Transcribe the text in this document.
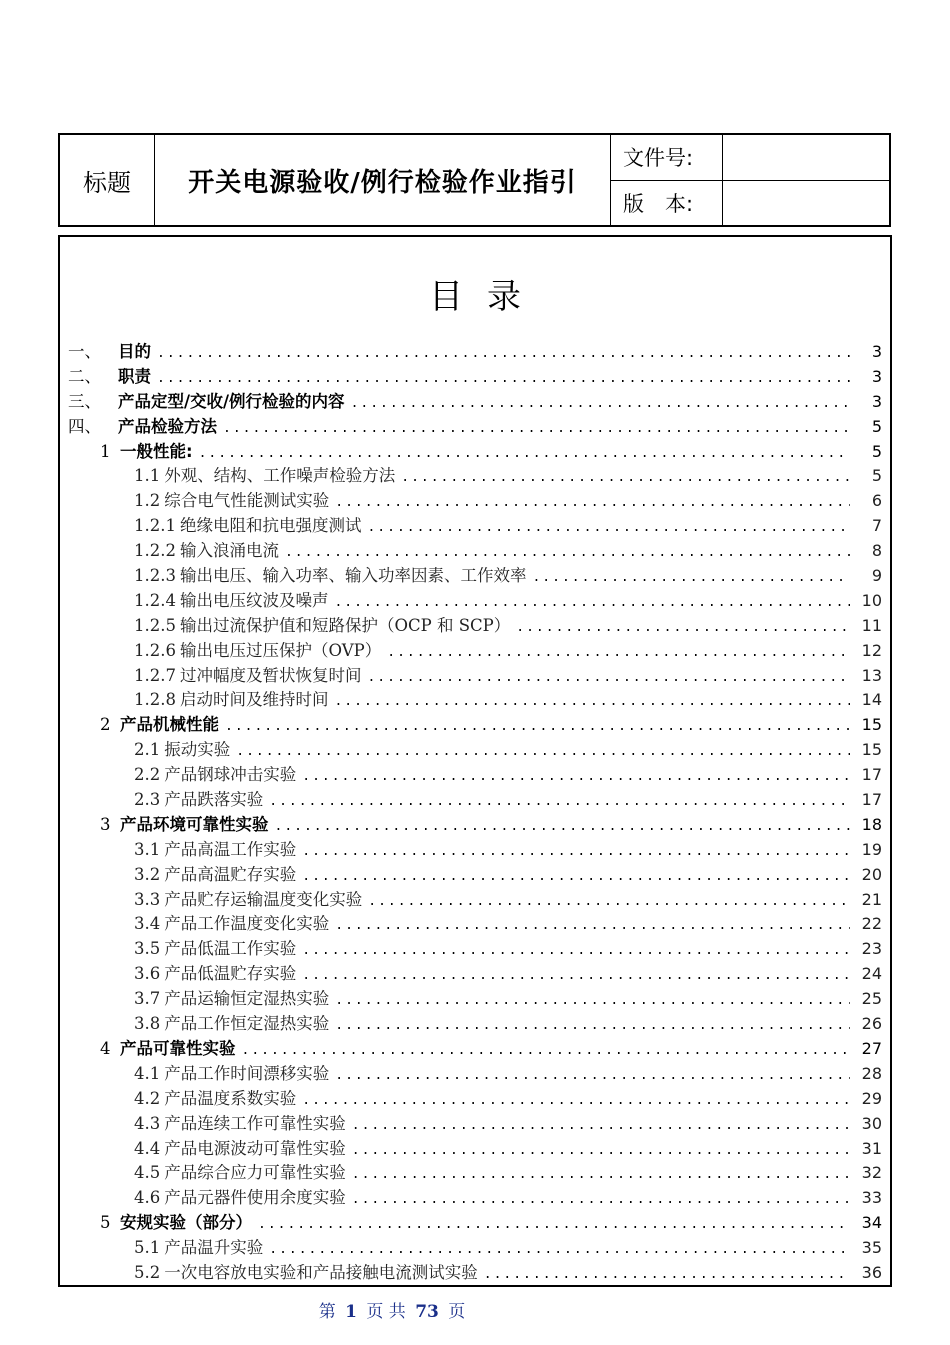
标题	开关电源验收/例行检验作业指引
文件号:
版　本:
目录
一、	目的 .....	3
二、	职责 .....	3
三、	产品定型/交收/例行检验的内容 .....	3
四、	产品检验方法 .....	5
1 一般性能: .....	5
1.1 外观、结构、工作噪声检验方法 .....	5
1.2 综合电气性能测试实验 .....	6
1.2.1 绝缘电阻和抗电强度测试 .....	7
1.2.2 输入浪涌电流 .....	8
1.2.3 输出电压、输入功率、输入功率因素、工作效率 .....	9
1.2.4 输出电压纹波及噪声 .....	10
1.2.5 输出过流保护值和短路保护（OCP 和 SCP） .....	11
1.2.6 输出电压过压保护（OVP） .....	12
1.2.7 过冲幅度及暂状恢复时间 .....	13
1.2.8 启动时间及维持时间 .....	14
2 产品机械性能 .....	15
2.1 振动实验 .....	15
2.2 产品钢球冲击实验 .....	17
2.3 产品跌落实验 .....	17
3 产品环境可靠性实验 .....	18
3.1 产品高温工作实验 .....	19
3.2 产品高温贮存实验 .....	20
3.3 产品贮存运输温度变化实验 .....	21
3.4 产品工作温度变化实验 .....	22
3.5 产品低温工作实验 .....	23
3.6 产品低温贮存实验 .....	24
3.7 产品运输恒定湿热实验 .....	25
3.8 产品工作恒定湿热实验 .....	26
4 产品可靠性实验 .....	27
4.1 产品工作时间漂移实验 .....	28
4.2 产品温度系数实验 .....	29
4.3 产品连续工作可靠性实验 .....	30
4.4 产品电源波动可靠性实验 .....	31
4.5 产品综合应力可靠性实验 .....	32
4.6 产品元器件使用余度实验 .....	33
5 安规实验（部分） .....	34
5.1 产品温升实验 .....	35
5.2 一次电容放电实验和产品接触电流测试实验 .....	36
第 1 页 共 73 页
